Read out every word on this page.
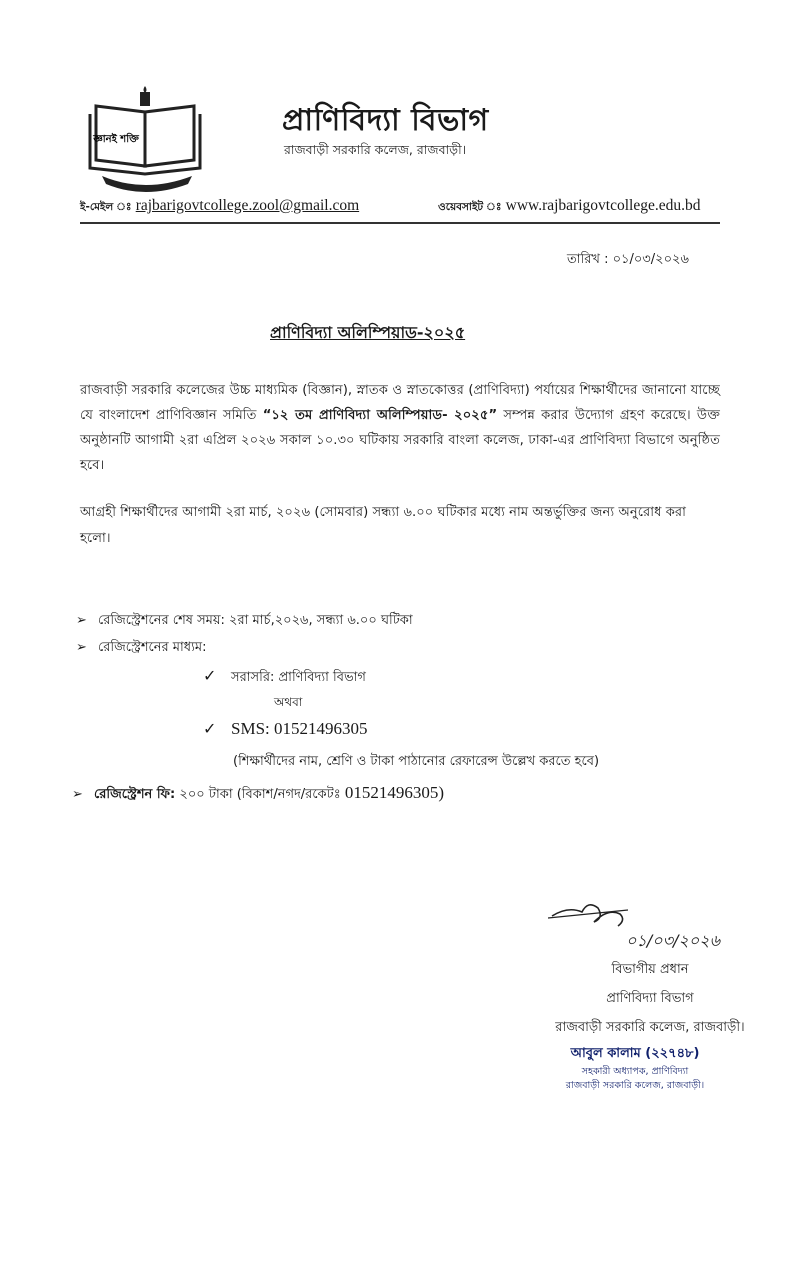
জ্ঞানই শক্তি
প্রাণিবিদ্যা বিভাগ
রাজবাড়ী সরকারি কলেজ, রাজবাড়ী।
ই-মেইল ঃ rajbarigovtcollege.zool@gmail.com	ওয়েবসাইট ঃ www.rajbarigovtcollege.edu.bd
তারিখ : ০১/০৩/২০২৬
প্রাণিবিদ্যা অলিম্পিয়াড-২০২৫
রাজবাড়ী সরকারি কলেজের উচ্চ মাধ্যমিক (বিজ্ঞান), স্নাতক ও স্নাতকোত্তর (প্রাণিবিদ্যা) পর্যায়ের শিক্ষার্থীদের জানানো যাচ্ছে যে বাংলাদেশ প্রাণিবিজ্ঞান সমিতি “১২ তম প্রাণিবিদ্যা অলিম্পিয়াড- ২০২৫” সম্পন্ন করার উদ্যোগ গ্রহণ করেছে। উক্ত অনুষ্ঠানটি আগামী ২রা এপ্রিল ২০২৬ সকাল ১০.৩০ ঘটিকায় সরকারি বাংলা কলেজ, ঢাকা-এর প্রাণিবিদ্যা বিভাগে অনুষ্ঠিত হবে।
আগ্রহী শিক্ষার্থীদের আগামী ২রা মার্চ, ২০২৬ (সোমবার) সন্ধ্যা ৬.০০ ঘটিকার মধ্যে নাম অন্তর্ভুক্তির জন্য অনুরোধ করা হলো।
➢ রেজিস্ট্রেশনের শেষ সময়: ২রা মার্চ,২০২৬, সন্ধ্যা ৬.০০ ঘটিকা
➢ রেজিস্ট্রেশনের মাধ্যম:
✓ সরাসরি: প্রাণিবিদ্যা বিভাগ
অথবা
✓ SMS: 01521496305
(শিক্ষার্থীদের নাম, শ্রেণি ও টাকা পাঠানোর রেফারেন্স উল্লেখ করতে হবে)
➢ রেজিস্ট্রেশন ফি: ২০০ টাকা (বিকাশ/নগদ/রকেটঃ 01521496305)
০১/০৩/২০২৬
বিভাগীয় প্রধান
প্রাণিবিদ্যা বিভাগ
রাজবাড়ী সরকারি কলেজ, রাজবাড়ী।
আবুল কালাম (২২৭৪৮)
সহকারী অধ্যাপক, প্রাণিবিদ্যা
রাজবাড়ী সরকারি কলেজ, রাজবাড়ী।
